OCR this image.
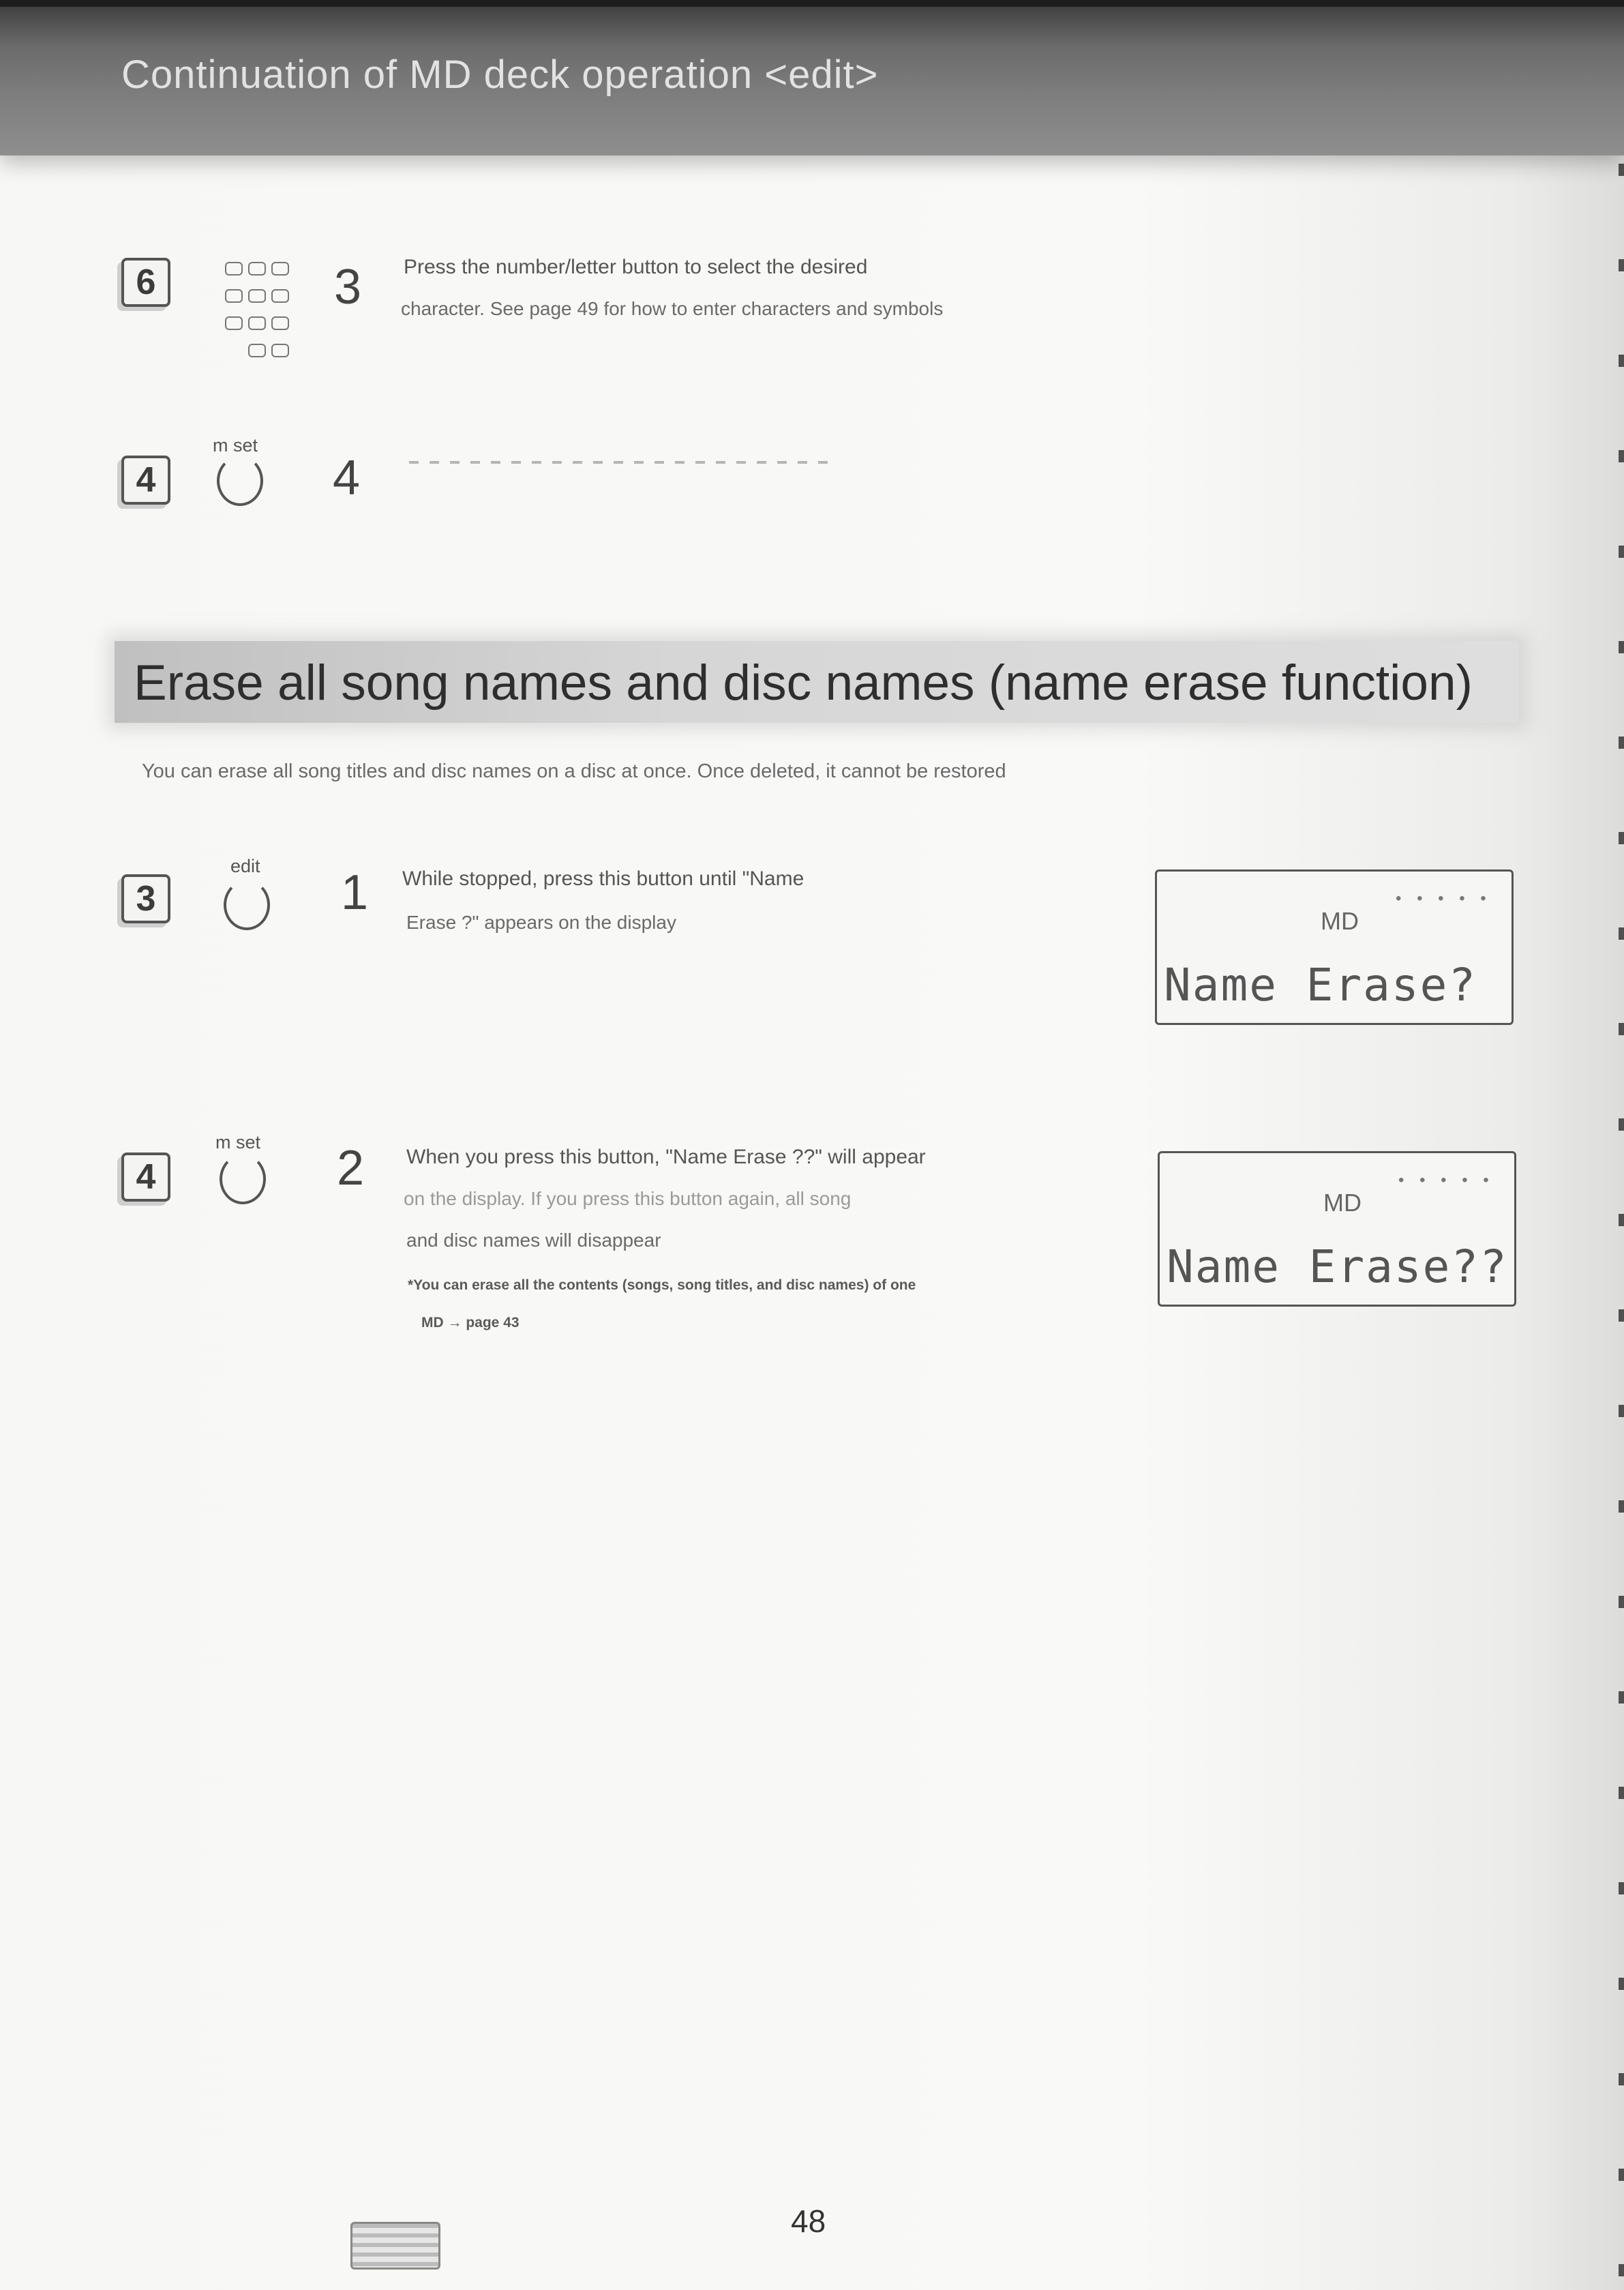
Continuation of MD deck operation <edit>
6	3 Press the number/letter button to select the desired
character. See page 49 for how to enter characters and symbols
4
m set
4
Erase all song names and disc names (name erase function)
You can erase all song titles and disc names on a disc at once. Once deleted, it cannot be restored
3
edit 1 While stopped, press this button until "Name
Erase ?" appears on the display
• • • • •
MD
Name Erase?
4
m set 2 When you press this button, "Name Erase ??" will appear
on the display. If you press this button again, all song
and disc names will disappear
*You can erase all the contents (songs, song titles, and disc names) of one
MD → page 43
• • • • •
MD
Name Erase??
48
